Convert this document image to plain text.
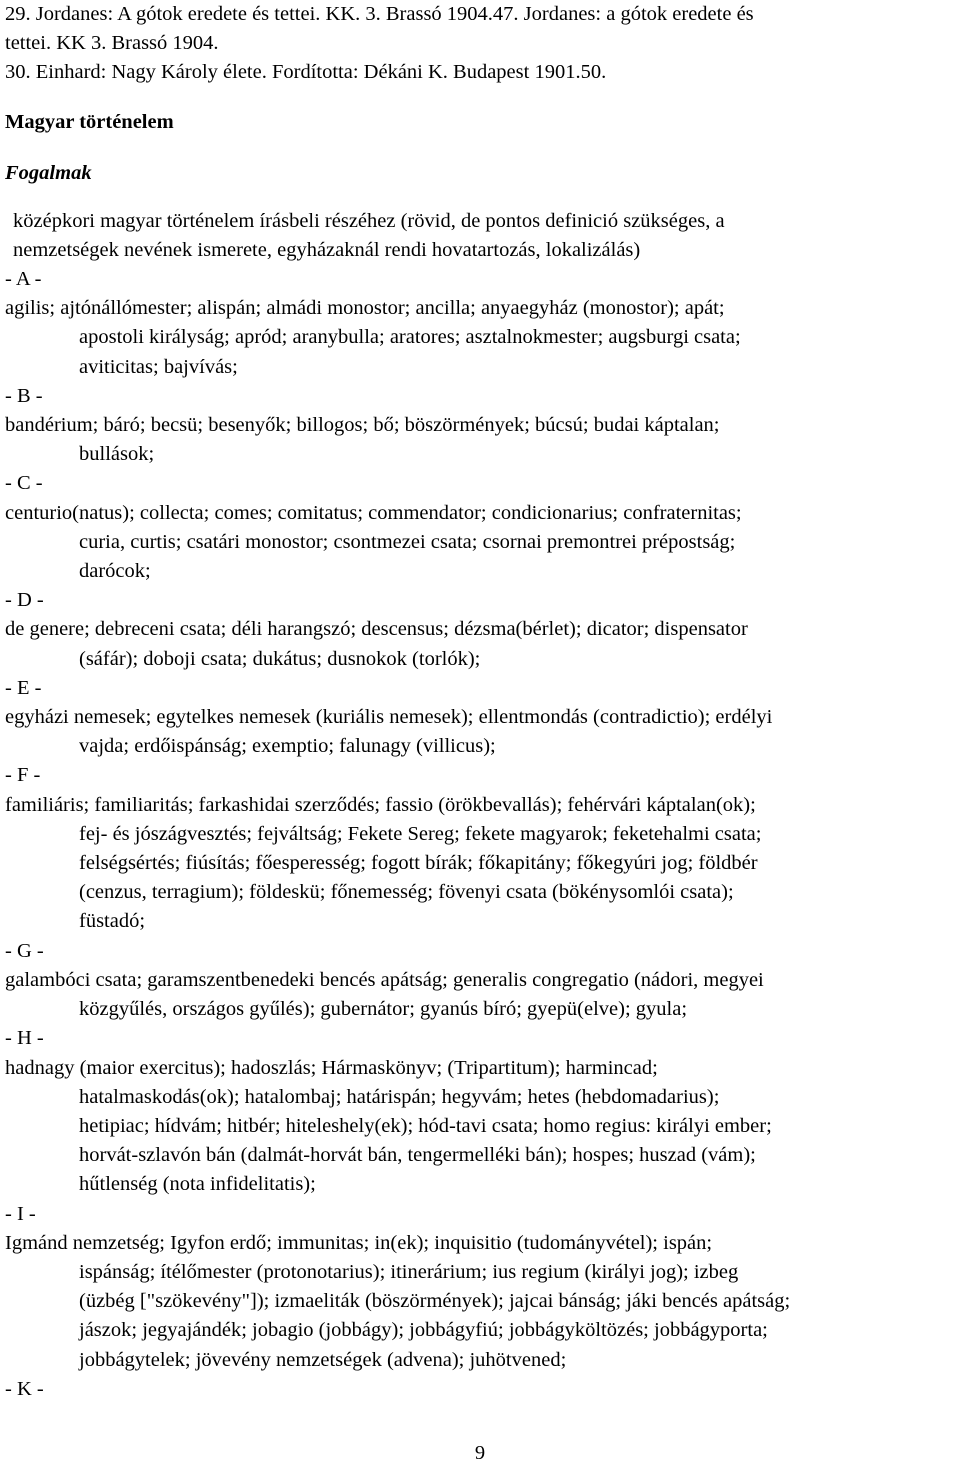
29. Jordanes: A gótok eredete és tettei. KK. 3. Brassó 1904.47. Jordanes: a gótok eredete és

tettei. KK 3. Brassó 1904.

30. Einhard: Nagy Károly élete. Fordította: Dékáni K. Budapest 1901.50.

Magyar történelem

Fogalmak

középkori magyar történelem írásbeli részéhez (rövid, de pontos definició szükséges, a
nemzetségek nevének ismerete, egyházaknál rendi hovatartozás, lokalizálás)

- A -

agilis; ajtónállómester; alispán; almádi monostor; ancilla; anyaegyház (monostor); apát;
apostoli királyság; apród; aranybulla; aratores; asztalnokmester; augsburgi csata;
aviticitas; bajvívás;

- B -

bandérium; báró; becsü; besenyők; billogos; bő; böszörmények; búcsú; budai káptalan;
bullások;

- C -

centurio(natus); collecta; comes; comitatus; commendator; condicionarius; confraternitas;
curia, curtis; csatári monostor; csontmezei csata; csornai premontrei prépostság;
darócok;

- D -

de genere; debreceni csata; déli harangszó; descensus; dézsma(bérlet); dicator; dispensator
(sáfár); doboji csata; dukátus; dusnokok (torlók);

- E -

egyházi nemesek; egytelkes nemesek (kuriális nemesek); ellentmondás (contradictio); erdélyi
vajda; erdőispánság; exemptio; falunagy (villicus);

- F -

familiáris; familiaritás; farkashidai szerződés; fassio (örökbevallás); fehérvári káptalan(ok);
fej- és jószágvesztés; fejváltság; Fekete Sereg; fekete magyarok; feketehalmi csata;
felségsértés; fiúsítás; főesperesség; fogott bírák; főkapitány; főkegyúri jog; földbér
(cenzus, terragium); földeskü; főnemesség; fövenyi csata (bökénysomlói csata);
füstadó;

- G -

galambóci csata; garamszentbenedeki bencés apátság; generalis congregatio (nádori, megyei
közgyűlés, országos gyűlés); gubernátor; gyanús bíró; gyepü(elve); gyula;

- H -

hadnagy (maior exercitus); hadoszlás; Hármaskönyv; (Tripartitum); harmincad;
hatalmaskodás(ok); hatalombaj; határispán; hegyvám; hetes (hebdomadarius);
hetipiac; hídvám; hitbér; hiteleshely(ek); hód-tavi csata; homo regius: királyi ember;
horvát-szlavón bán (dalmát-horvát bán, tengermelléki bán); hospes; huszad (vám);
hűtlenség (nota infidelitatis);

- I -

Igmánd nemzetség; Igyfon erdő; immunitas; in(ek); inquisitio (tudományvétel); ispán;
ispánság; ítélőmester (protonotarius); itinerárium; ius regium (királyi jog); izbeg
(üzbég ["szökevény"]); izmaeliták (böszörmények); jajcai bánság; jáki bencés apátság;
jászok; jegyajándék; jobagio (jobbágy); jobbágyfiú; jobbágyköltözés; jobbágyporta;
jobbágytelek; jövevény nemzetségek (advena); juhötvened;

- K -

9
